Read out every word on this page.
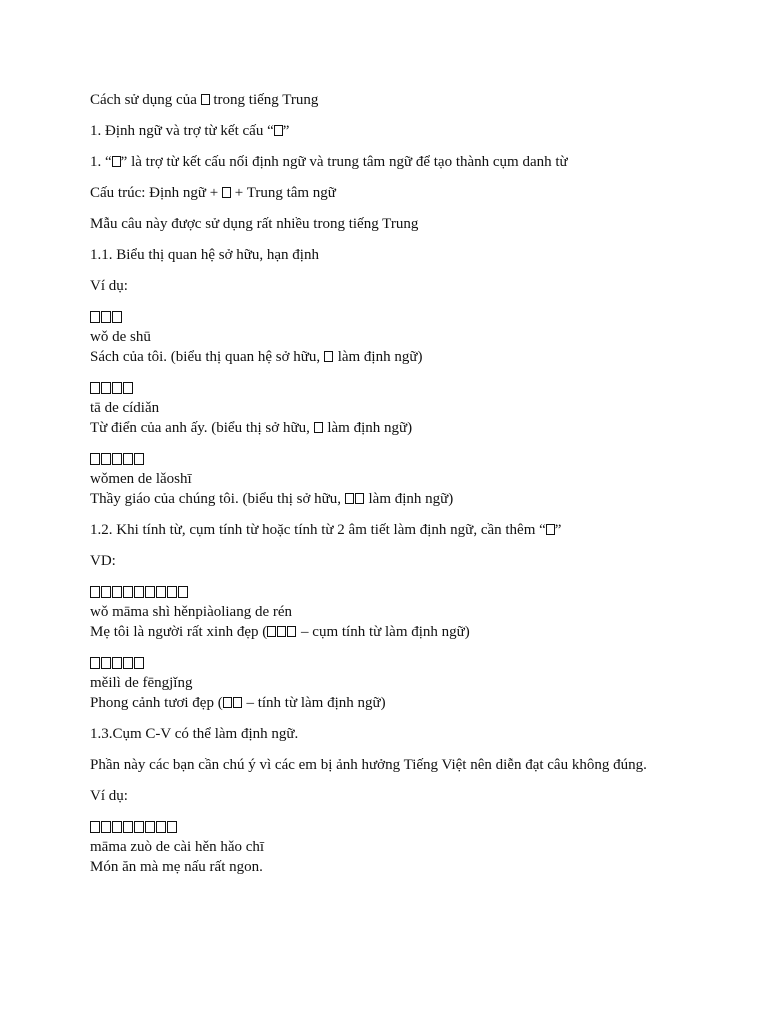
Cách sử dụng của  trong tiếng Trung

1. Định ngữ và trợ từ kết cấu “ ”

1. “ ” là trợ từ kết cấu nối định ngữ và trung tâm ngữ để tạo thành cụm danh từ

Cấu trúc: Định ngữ +  + Trung tâm ngữ

Mẫu câu này được sử dụng rất nhiều trong tiếng Trung

1.1. Biểu thị quan hệ sở hữu, hạn định

Ví dụ:

wǒ de shū
Sách của tôi. (biểu thị quan hệ sở hữu,  làm định ngữ)
tā de cídiǎn
Từ điển của anh ấy. (biểu thị sở hữu,  làm định ngữ)
wǒmen de lǎoshī
Thầy giáo của chúng tôi. (biểu thị sở hữu,  làm định ngữ)

1.2. Khi tính từ, cụm tính từ hoặc tính từ 2 âm tiết làm định ngữ, cần thêm “ ”

VD:

wǒ māma shì hěnpiàoliang de rén
Mẹ tôi là người rất xinh đẹp ( – cụm tính từ làm định ngữ)
měilì de fēngjǐng
Phong cảnh tươi đẹp ( – tính từ làm định ngữ)

1.3.Cụm C-V có thể làm định ngữ.

Phần này các bạn cần chú ý vì các em bị ảnh hưởng Tiếng Việt nên diễn đạt câu không đúng.

Ví dụ:

māma zuò de cài hěn hǎo chī
Món ăn mà mẹ nấu rất ngon.
